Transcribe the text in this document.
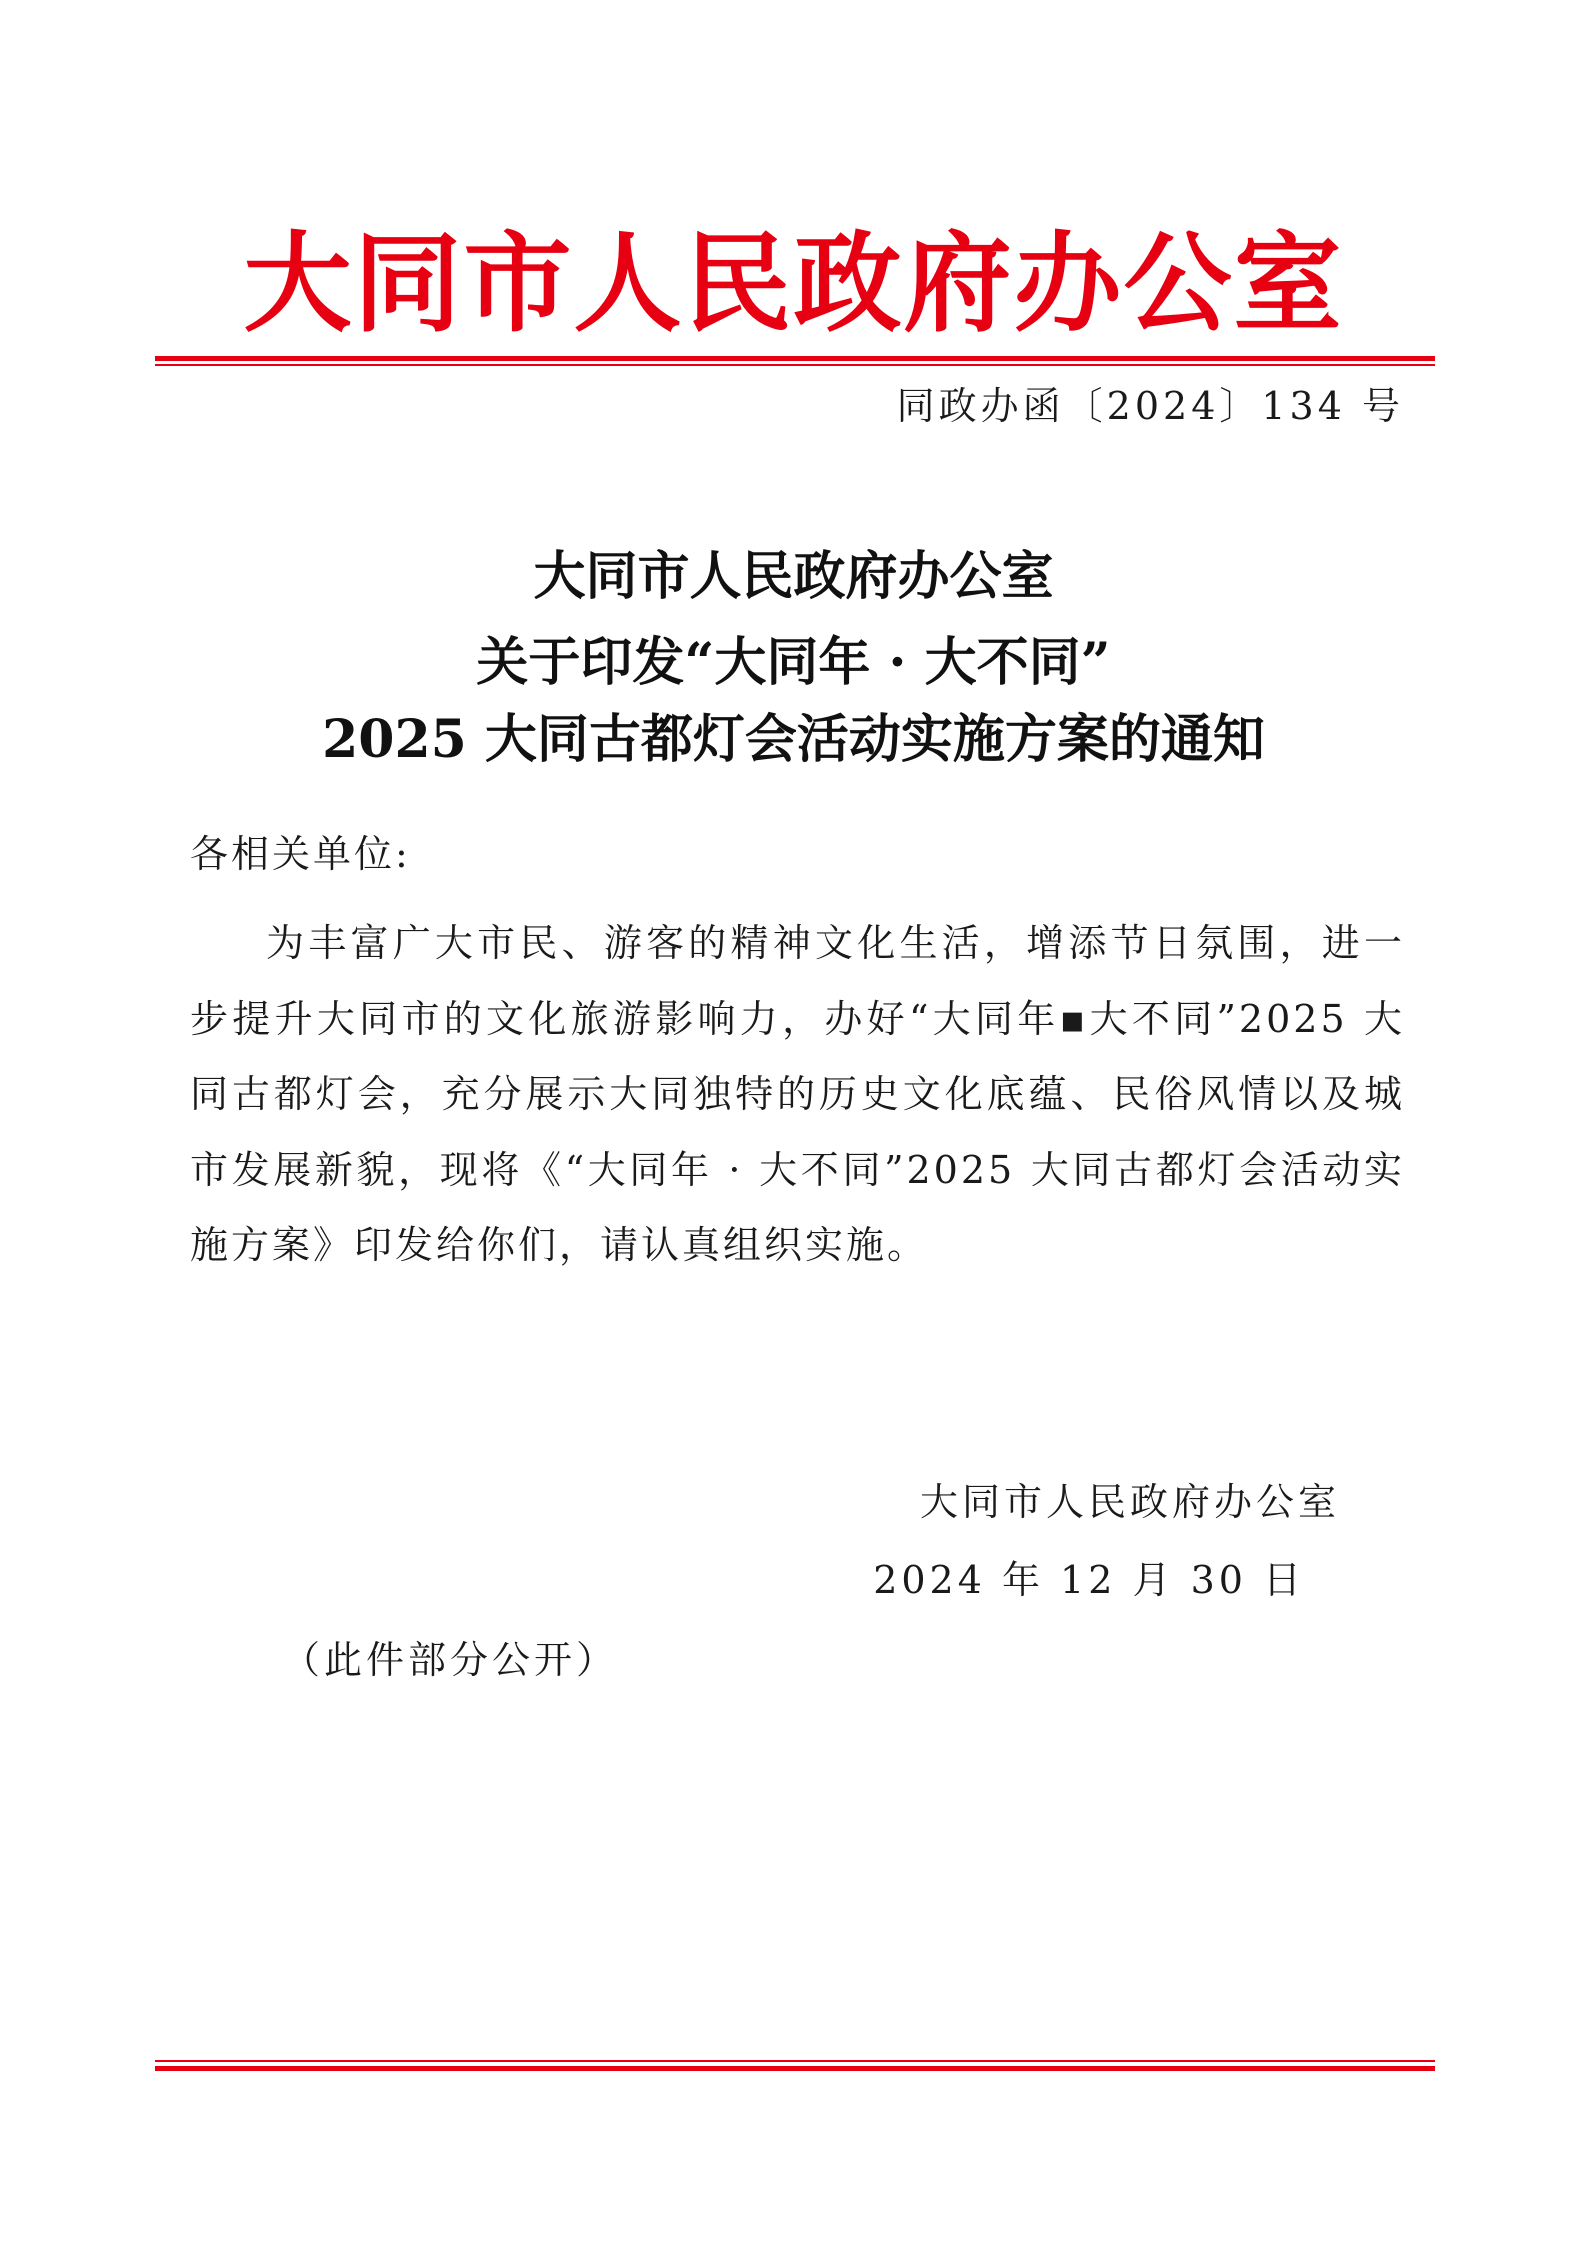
大同市人民政府办公室
同政办函〔2024〕134 号
大同市人民政府办公室
关于印发“大同年 · 大不同”
2025 大同古都灯会活动实施方案的通知
各相关单位:
为丰富广大市民、游客的精神文化生活，增添节日氛围，进一步提升大同市的文化旅游影响力，办好“大同年▪大不同”2025 大同古都灯会，充分展示大同独特的历史文化底蕴、民俗风情以及城市发展新貌，现将《“大同年 · 大不同”2025 大同古都灯会活动实施方案》印发给你们，请认真组织实施。
大同市人民政府办公室
2024 年 12 月 30 日
（此件部分公开）
